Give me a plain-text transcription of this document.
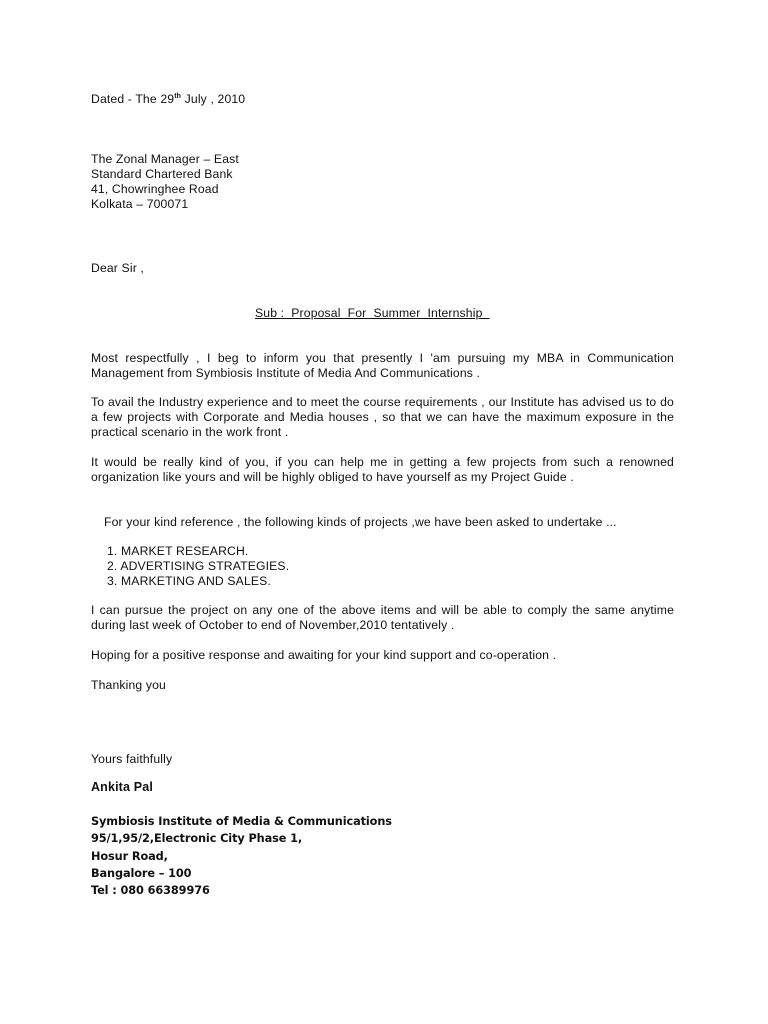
Dated - The 29th July , 2010
The Zonal Manager – East
Standard Chartered Bank
41, Chowringhee Road
Kolkata – 700071
Dear Sir ,
Sub :  Proposal  For  Summer  Internship
Most respectfully , I beg to inform you that presently I 'am pursuing my MBA in Communication Management from Symbiosis Institute of Media And Communications .
To avail the Industry experience and to meet the course requirements , our Institute has advised us to do a few projects with Corporate and Media houses , so that we can have the maximum exposure in the practical scenario in the work front .
It would be really kind of you, if you can help me in getting a few projects from such a renowned organization like yours and will be highly obliged to have yourself as my Project Guide .
For your kind reference , the following kinds of projects ,we have been asked to undertake ...
1. MARKET RESEARCH.
2. ADVERTISING STRATEGIES.
3. MARKETING AND SALES.
I can pursue the project on any one of the above items and will be able to comply the same anytime during last week of October to end of November,2010 tentatively .
Hoping for a positive response and awaiting for your kind support and co-operation .
Thanking you
Yours faithfully
Ankita Pal
Symbiosis Institute of Media & Communications
95/1,95/2,Electronic City Phase 1,
Hosur Road,
Bangalore – 100
Tel : 080 66389976
